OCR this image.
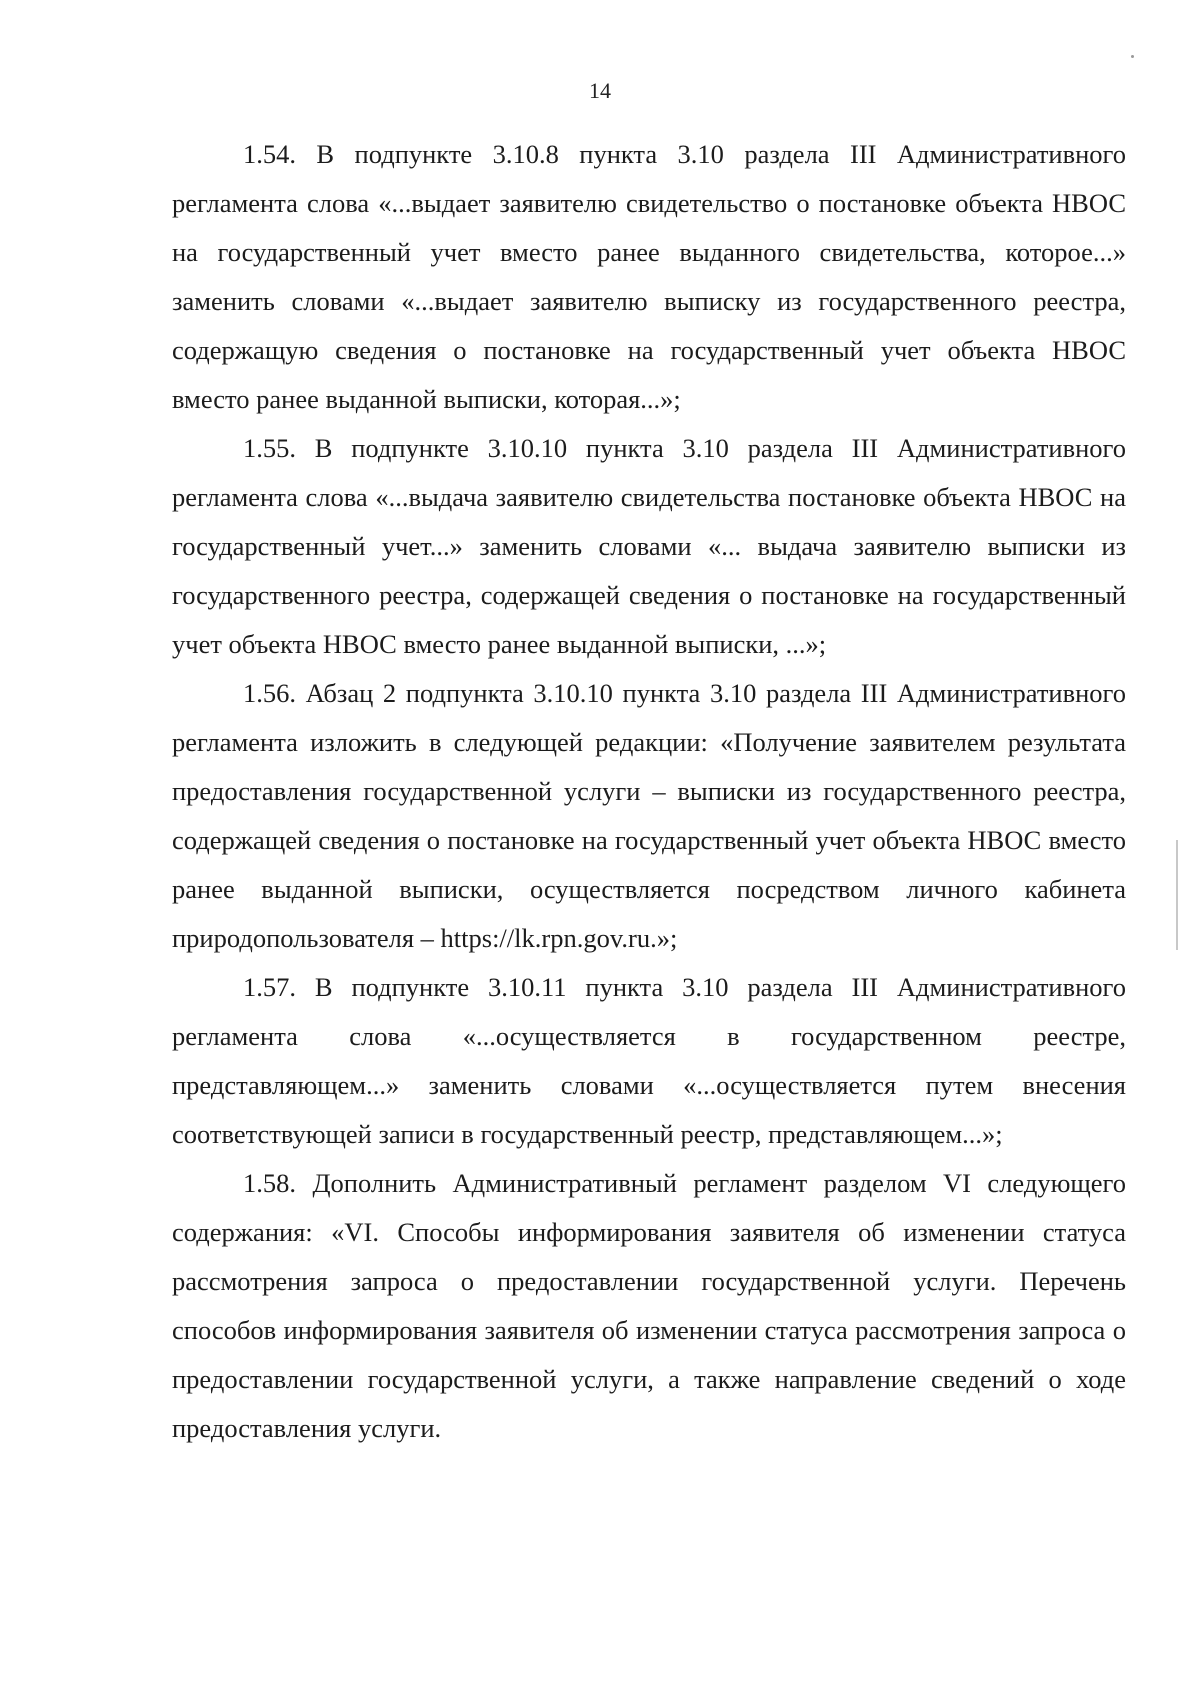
14

1.54. В подпункте 3.10.8 пункта 3.10 раздела III Административного регламента слова «...выдает заявителю свидетельство о постановке объекта НВОС на государственный учет вместо ранее выданного свидетельства, которое...» заменить словами «...выдает заявителю выписку из государственного реестра, содержащую сведения о постановке на государственный учет объекта НВОС вместо ранее выданной выписки, которая...»;

1.55. В подпункте 3.10.10 пункта 3.10 раздела III Административного регламента слова «...выдача заявителю свидетельства постановке объекта НВОС на государственный учет...» заменить словами «... выдача заявителю выписки из государственного реестра, содержащей сведения о постановке на государственный учет объекта НВОС вместо ранее выданной выписки, ...»;

1.56. Абзац 2 подпункта 3.10.10 пункта 3.10 раздела III Административного регламента изложить в следующей редакции: «Получение заявителем результата предоставления государственной услуги – выписки из государственного реестра, содержащей сведения о постановке на государственный учет объекта НВОС вместо ранее выданной выписки, осуществляется посредством личного кабинета природопользователя – https://lk.rpn.gov.ru.»;

1.57. В подпункте 3.10.11 пункта 3.10 раздела III Административного регламента слова «...осуществляется в государственном реестре, представляющем...» заменить словами «...осуществляется путем внесения соответствующей записи в государственный реестр, представляющем...»;

1.58. Дополнить Административный регламент разделом VI следующего содержания: «VI. Способы информирования заявителя об изменении статуса рассмотрения запроса о предоставлении государственной услуги. Перечень способов информирования заявителя об изменении статуса рассмотрения запроса о предоставлении государственной услуги, а также направление сведений о ходе предоставления услуги.
